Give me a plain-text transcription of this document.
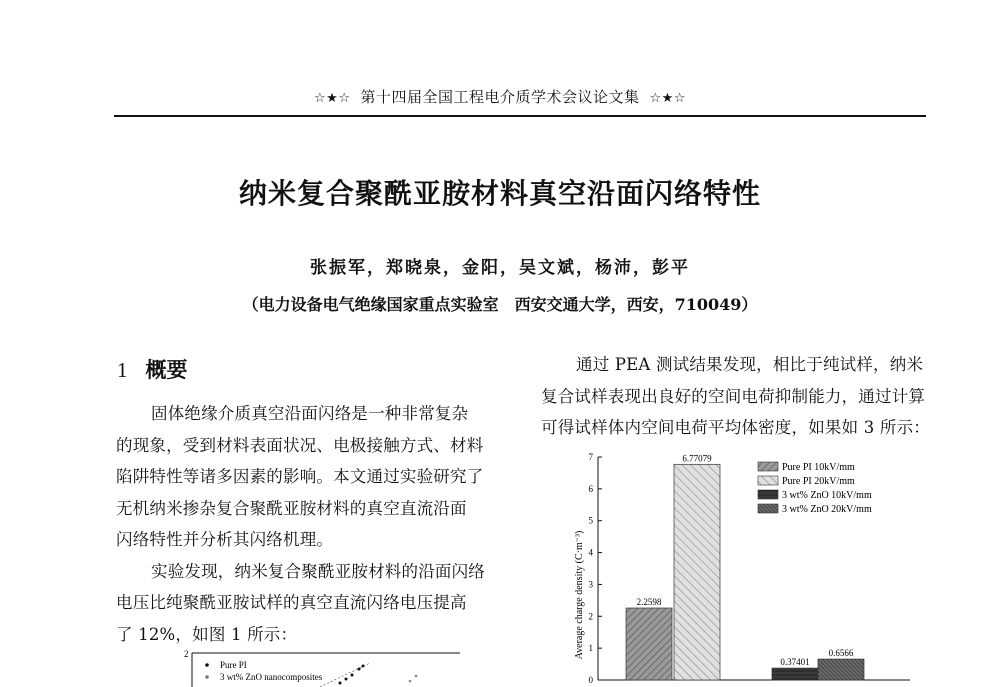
☆★☆ 第十四届全国工程电介质学术会议论文集 ☆★☆
纳米复合聚酰亚胺材料真空沿面闪络特性
张振军，郑晓泉，金阳，吴文斌，杨沛，彭平
（电力设备电气绝缘国家重点实验室　西安交通大学，西安，710049）
1 概要
固体绝缘介质真空沿面闪络是一种非常复杂
的现象，受到材料表面状况、电极接触方式、材料
陷阱特性等诸多因素的影响。本文通过实验研究了
无机纳米掺杂复合聚酰亚胺材料的真空直流沿面
闪络特性并分析其闪络机理。
实验发现，纳米复合聚酰亚胺材料的沿面闪络
电压比纯聚酰亚胺试样的真空直流闪络电压提高
了 12%，如图 1 所示：
通过 PEA 测试结果发现，相比于纯试样，纳米
复合试样表现出良好的空间电荷抑制能力，通过计算
可得试样体内空间电荷平均体密度，如果如 3 所示：
0
1
2
3
4
5
6
7
2.2598
6.77079
0.37401
0.6566
Average charge density (C·m⁻³)
Pure PI 10kV/mm
Pure PI 20kV/mm
3 wt% ZnO 10kV/mm
3 wt% ZnO 20kV/mm
2
Pure PI
3 wt% ZnO nanocomposites
